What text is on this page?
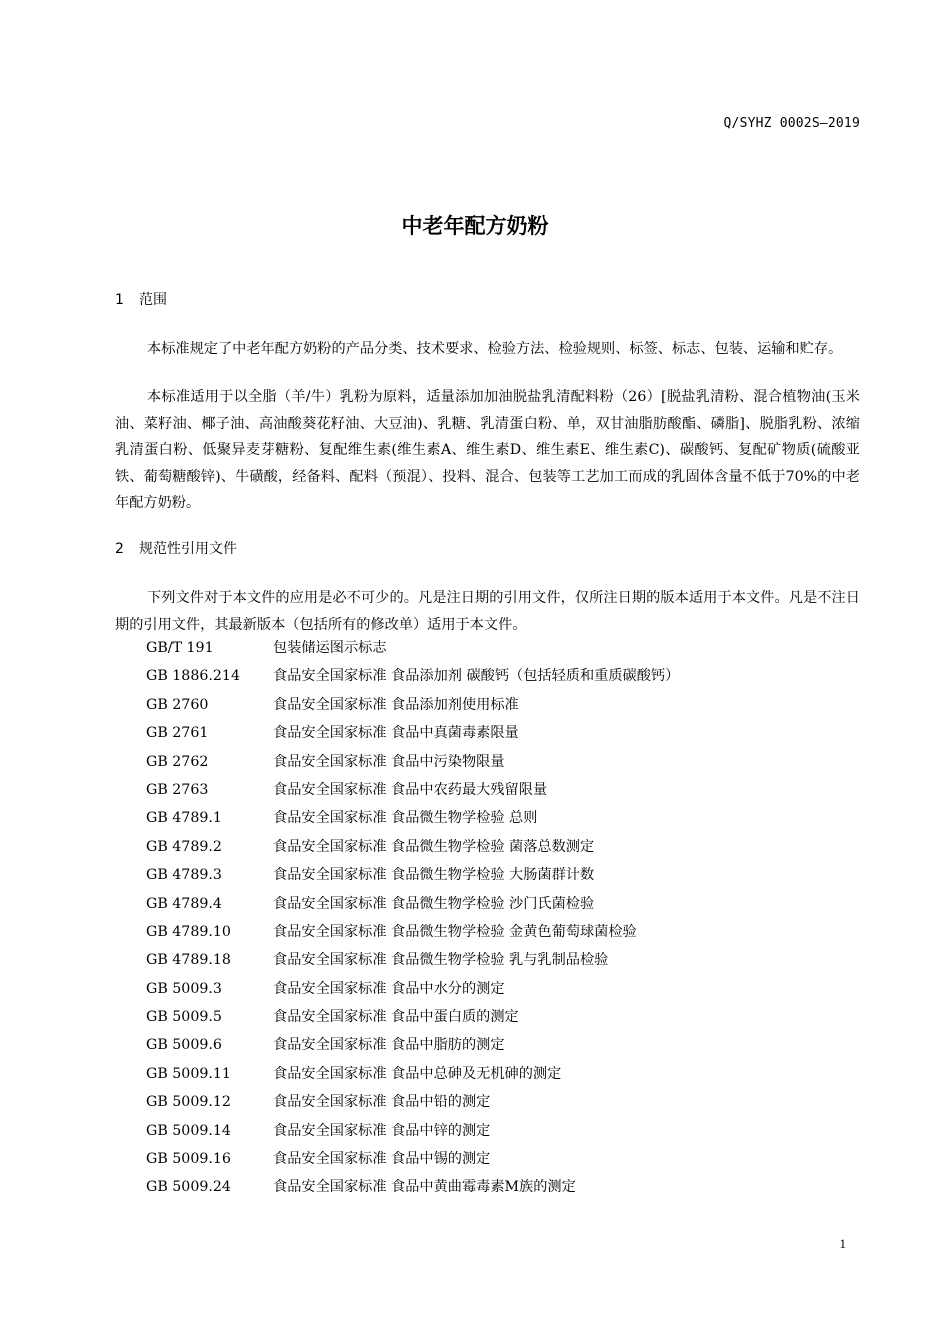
Q/SYHZ 0002S—2019
中老年配方奶粉
1 范围

本标准规定了中老年配方奶粉的产品分类、技术要求、检验方法、检验规则、标签、标志、包装、运输和贮存。

本标准适用于以全脂（羊/牛）乳粉为原料，适量添加加油脱盐乳清配料粉（26）[脱盐乳清粉、混合植物油(玉米油、菜籽油、椰子油、高油酸葵花籽油、大豆油)、乳糖、乳清蛋白粉、单，双甘油脂肪酸酯、磷脂]、脱脂乳粉、浓缩乳清蛋白粉、低聚异麦芽糖粉、复配维生素(维生素A、维生素D、维生素E、维生素C)、碳酸钙、复配矿物质(硫酸亚铁、葡萄糖酸锌)、牛磺酸，经备料、配料（预混）、投料、混合、包装等工艺加工而成的乳固体含量不低于70%的中老年配方奶粉。

2 规范性引用文件

下列文件对于本文件的应用是必不可少的。凡是注日期的引用文件，仅所注日期的版本适用于本文件。凡是不注日期的引用文件，其最新版本（包括所有的修改单）适用于本文件。

GB/T 191	包装储运图示标志
GB 1886.214	食品安全国家标准 食品添加剂 碳酸钙（包括轻质和重质碳酸钙）
GB 2760	食品安全国家标准 食品添加剂使用标准
GB 2761	食品安全国家标准 食品中真菌毒素限量
GB 2762	食品安全国家标准 食品中污染物限量
GB 2763	食品安全国家标准 食品中农药最大残留限量
GB 4789.1	食品安全国家标准 食品微生物学检验 总则
GB 4789.2	食品安全国家标准 食品微生物学检验 菌落总数测定
GB 4789.3	食品安全国家标准 食品微生物学检验 大肠菌群计数
GB 4789.4	食品安全国家标准 食品微生物学检验 沙门氏菌检验
GB 4789.10	食品安全国家标准 食品微生物学检验 金黄色葡萄球菌检验
GB 4789.18	食品安全国家标准 食品微生物学检验 乳与乳制品检验
GB 5009.3	食品安全国家标准 食品中水分的测定
GB 5009.5	食品安全国家标准 食品中蛋白质的测定
GB 5009.6	食品安全国家标准 食品中脂肪的测定
GB 5009.11	食品安全国家标准 食品中总砷及无机砷的测定
GB 5009.12	食品安全国家标准 食品中铅的测定
GB 5009.14	食品安全国家标准 食品中锌的测定
GB 5009.16	食品安全国家标准 食品中锡的测定
GB 5009.24	食品安全国家标准 食品中黄曲霉毒素M族的测定
1
